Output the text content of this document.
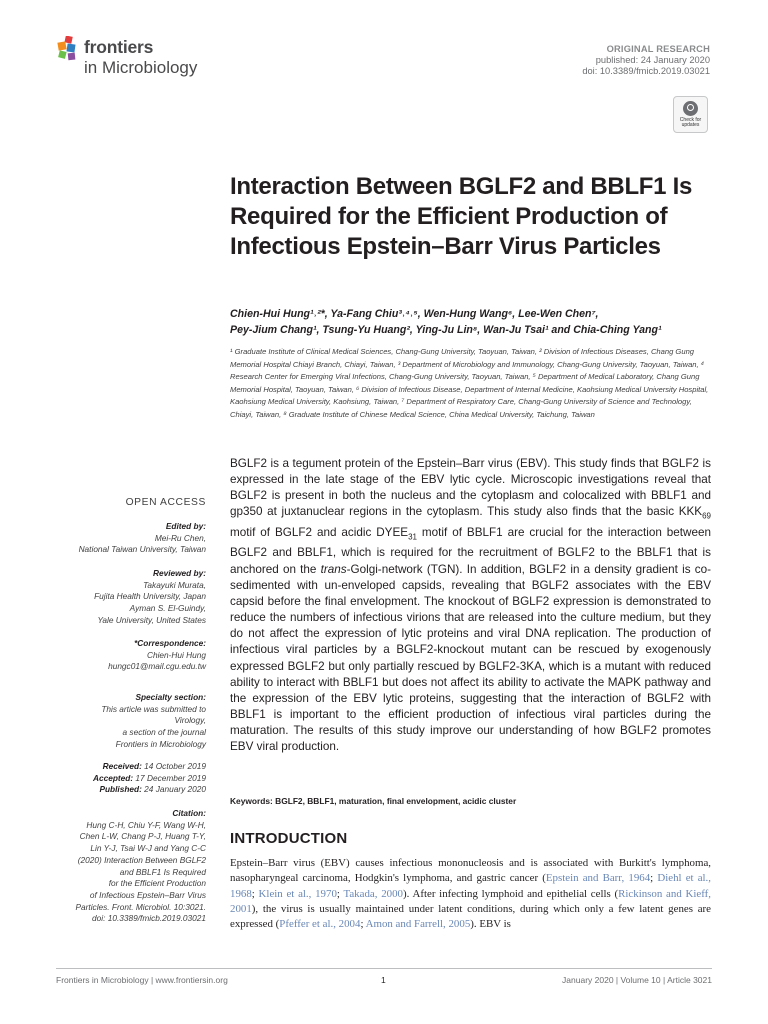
frontiers
in Microbiology
ORIGINAL RESEARCH
published: 24 January 2020
doi: 10.3389/fmicb.2019.03021
Check for
updates
Interaction Between BGLF2 and BBLF1 Is Required for the Efficient Production of Infectious Epstein–Barr Virus Particles
Chien-Hui Hung¹˒²*, Ya-Fang Chiu³˒⁴˒⁵, Wen-Hung Wang⁶, Lee-Wen Chen⁷,
Pey-Jium Chang¹, Tsung-Yu Huang², Ying-Ju Lin⁸, Wan-Ju Tsai¹ and Chia-Ching Yang¹
¹ Graduate Institute of Clinical Medical Sciences, Chang-Gung University, Taoyuan, Taiwan, ² Division of Infectious Diseases, Chang Gung Memorial Hospital Chiayi Branch, Chiayi, Taiwan, ³ Department of Microbiology and Immunology, Chang-Gung University, Taoyuan, Taiwan, ⁴ Research Center for Emerging Viral Infections, Chang-Gung University, Taoyuan, Taiwan, ⁵ Department of Medical Laboratory, Chang Gung Memorial Hospital, Taoyuan, Taiwan, ⁶ Division of Infectious Disease, Department of Internal Medicine, Kaohsiung Medical University Hospital, Kaohsiung Medical University, Kaohsiung, Taiwan, ⁷ Department of Respiratory Care, Chang-Gung University of Science and Technology, Chiayi, Taiwan, ⁸ Graduate Institute of Chinese Medical Science, China Medical University, Taichung, Taiwan
OPEN ACCESS
Edited by:
Mei-Ru Chen,
National Taiwan University, Taiwan
Reviewed by:
Takayuki Murata,
Fujita Health University, Japan
Ayman S. El-Guindy,
Yale University, United States
*Correspondence:
Chien-Hui Hung
hungc01@mail.cgu.edu.tw
Specialty section:
This article was submitted to
Virology,
a section of the journal
Frontiers in Microbiology
Received: 14 October 2019
Accepted: 17 December 2019
Published: 24 January 2020
Citation:
Hung C-H, Chiu Y-F, Wang W-H,
Chen L-W, Chang P-J, Huang T-Y,
Lin Y-J, Tsai W-J and Yang C-C
(2020) Interaction Between BGLF2
and BBLF1 Is Required
for the Efficient Production
of Infectious Epstein–Barr Virus
Particles. Front. Microbiol. 10:3021.
doi: 10.3389/fmicb.2019.03021
BGLF2 is a tegument protein of the Epstein–Barr virus (EBV). This study finds that BGLF2 is expressed in the late stage of the EBV lytic cycle. Microscopic investigations reveal that BGLF2 is present in both the nucleus and the cytoplasm and colocalized with BBLF1 and gp350 at juxtanuclear regions in the cytoplasm. This study also finds that the basic $KKK_{69}$ motif of BGLF2 and acidic $DYEE_{31}$ motif of BBLF1 are crucial for the interaction between BGLF2 and BBLF1, which is required for the recruitment of BGLF2 to the BBLF1 that is anchored on the trans-Golgi-network (TGN). In addition, BGLF2 in a density gradient is co-sedimented with un-enveloped capsids, revealing that BGLF2 associates with the EBV capsid before the final envelopment. The knockout of BGLF2 expression is demonstrated to reduce the numbers of infectious virions that are released into the culture medium, but they do not affect the expression of lytic proteins and viral DNA replication. The production of infectious viral particles by a BGLF2-knockout mutant can be rescued by exogenously expressed BGLF2 but only partially rescued by BGLF2-3KA, which is a mutant with reduced ability to interact with BBLF1 but does not affect its ability to activate the MAPK pathway and the expression of the EBV lytic proteins, suggesting that the interaction of BGLF2 with BBLF1 is important to the efficient production of infectious viral particles during the maturation. The results of this study improve our understanding of how BGLF2 promotes EBV viral production.
Keywords: BGLF2, BBLF1, maturation, final envelopment, acidic cluster
INTRODUCTION
Epstein–Barr virus (EBV) causes infectious mononucleosis and is associated with Burkitt's lymphoma, nasopharyngeal carcinoma, Hodgkin's lymphoma, and gastric cancer (Epstein and Barr, 1964; Diehl et al., 1968; Klein et al., 1970; Takada, 2000). After infecting lymphoid and epithelial cells (Rickinson and Kieff, 2001), the virus is usually maintained under latent conditions, during which only a few latent genes are expressed (Pfeffer et al., 2004; Amon and Farrell, 2005). EBV is
Frontiers in Microbiology | www.frontiersin.org	1	January 2020 | Volume 10 | Article 3021
